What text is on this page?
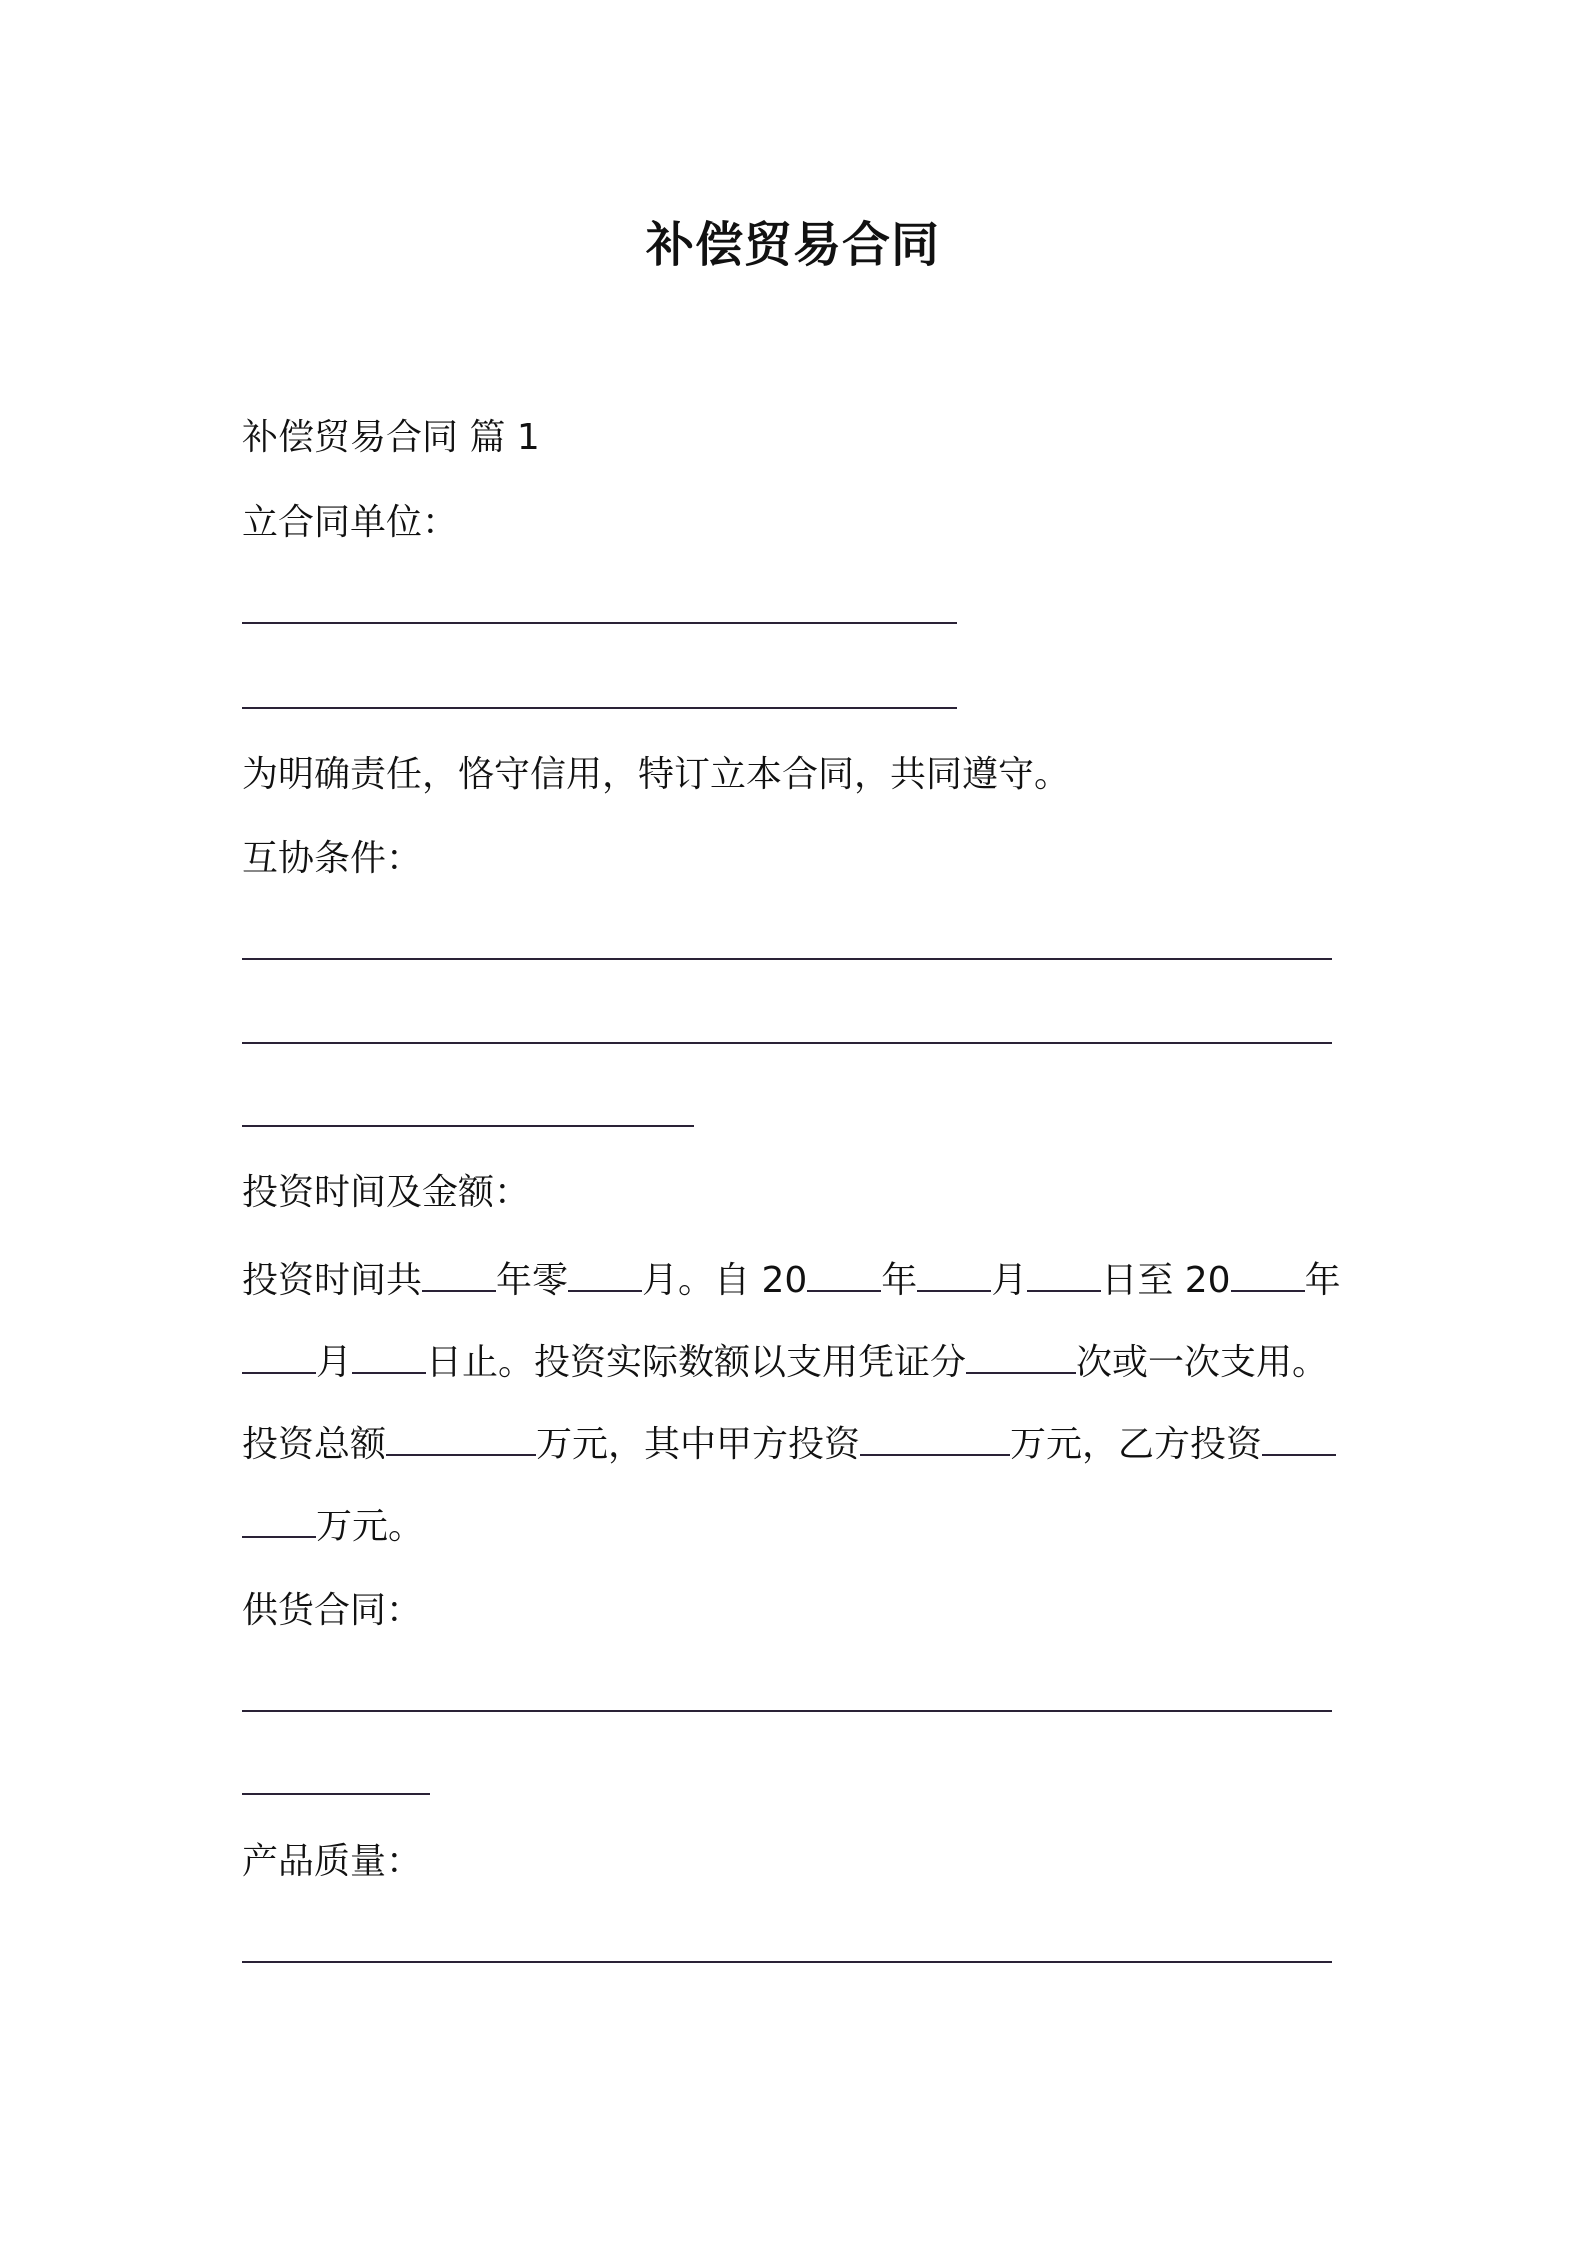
补偿贸易合同
补偿贸易合同 篇 1
立合同单位：
为明确责任，恪守信用，特订立本合同，共同遵守。
互协条件：
投资时间及金额：
投资时间共 年零 月。自 20 年 月 日至 20 年
月 日止。投资实际数额以支用凭证分	次或一次支用。
投资总额	万元，其中甲方投资	万元，乙方投资
万元。
供货合同：
产品质量：
